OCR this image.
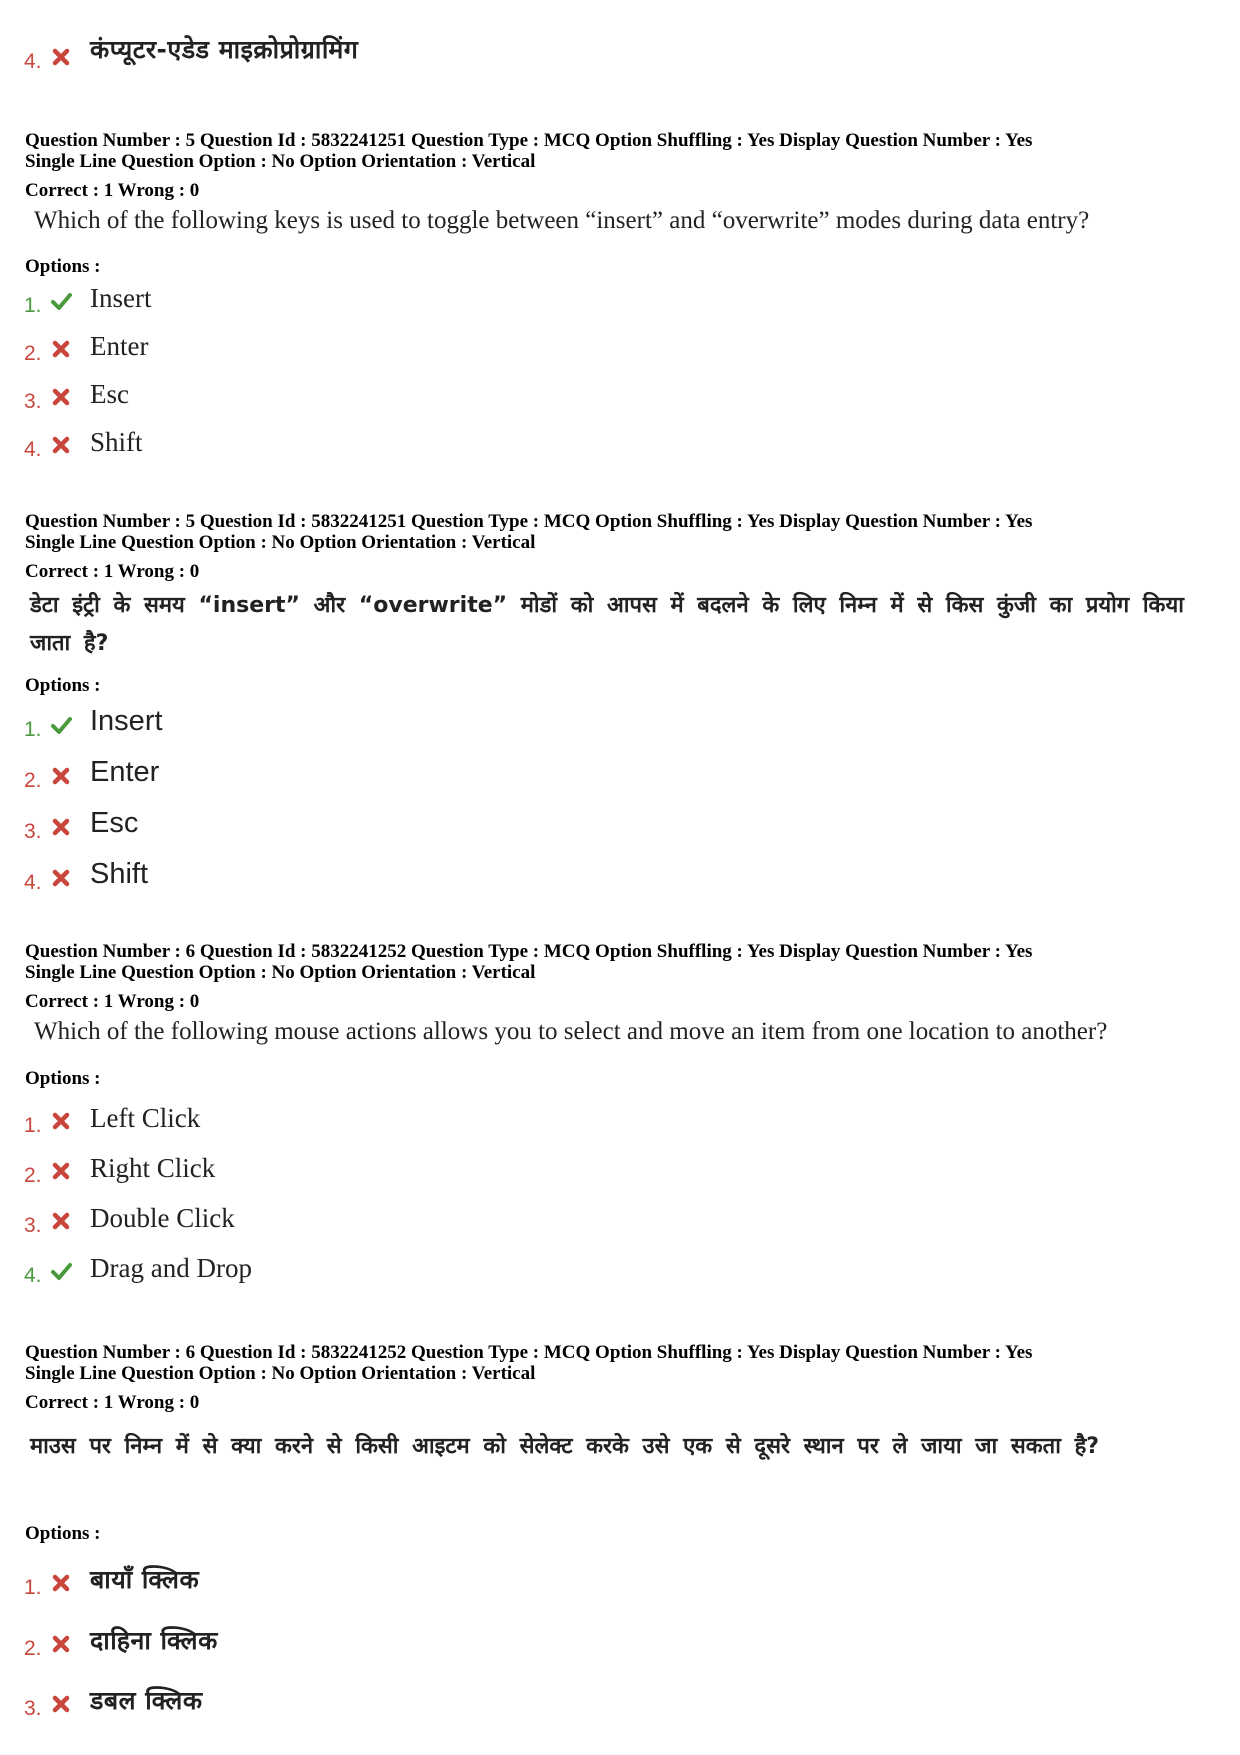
4. कंप्यूटर-एडेड माइक्रोप्रोग्रामिंग
Question Number : 5 Question Id : 5832241251 Question Type : MCQ Option Shuffling : Yes Display Question Number : Yes
Single Line Question Option : No Option Orientation : Vertical
Correct : 1 Wrong : 0
Which of the following keys is used to toggle between “insert” and “overwrite” modes during data entry?
Options :
1. Insert
2. Enter
3. Esc
4. Shift
Question Number : 5 Question Id : 5832241251 Question Type : MCQ Option Shuffling : Yes Display Question Number : Yes
Single Line Question Option : No Option Orientation : Vertical
Correct : 1 Wrong : 0
डेटा इंट्री के समय “insert” और “overwrite” मोडों को आपस में बदलने के लिए निम्न में से किस कुंजी का प्रयोग किया जाता है?
Options :
1. Insert
2. Enter
3. Esc
4. Shift
Question Number : 6 Question Id : 5832241252 Question Type : MCQ Option Shuffling : Yes Display Question Number : Yes
Single Line Question Option : No Option Orientation : Vertical
Correct : 1 Wrong : 0
Which of the following mouse actions allows you to select and move an item from one location to another?
Options :
1. Left Click
2. Right Click
3. Double Click
4. Drag and Drop
Question Number : 6 Question Id : 5832241252 Question Type : MCQ Option Shuffling : Yes Display Question Number : Yes
Single Line Question Option : No Option Orientation : Vertical
Correct : 1 Wrong : 0
माउस पर निम्न में से क्या करने से किसी आइटम को सेलेक्ट करके उसे एक से दूसरे स्थान पर ले जाया जा सकता है?
Options :
1. बायाँ क्लिक
2. दाहिना क्लिक
3. डबल क्लिक
